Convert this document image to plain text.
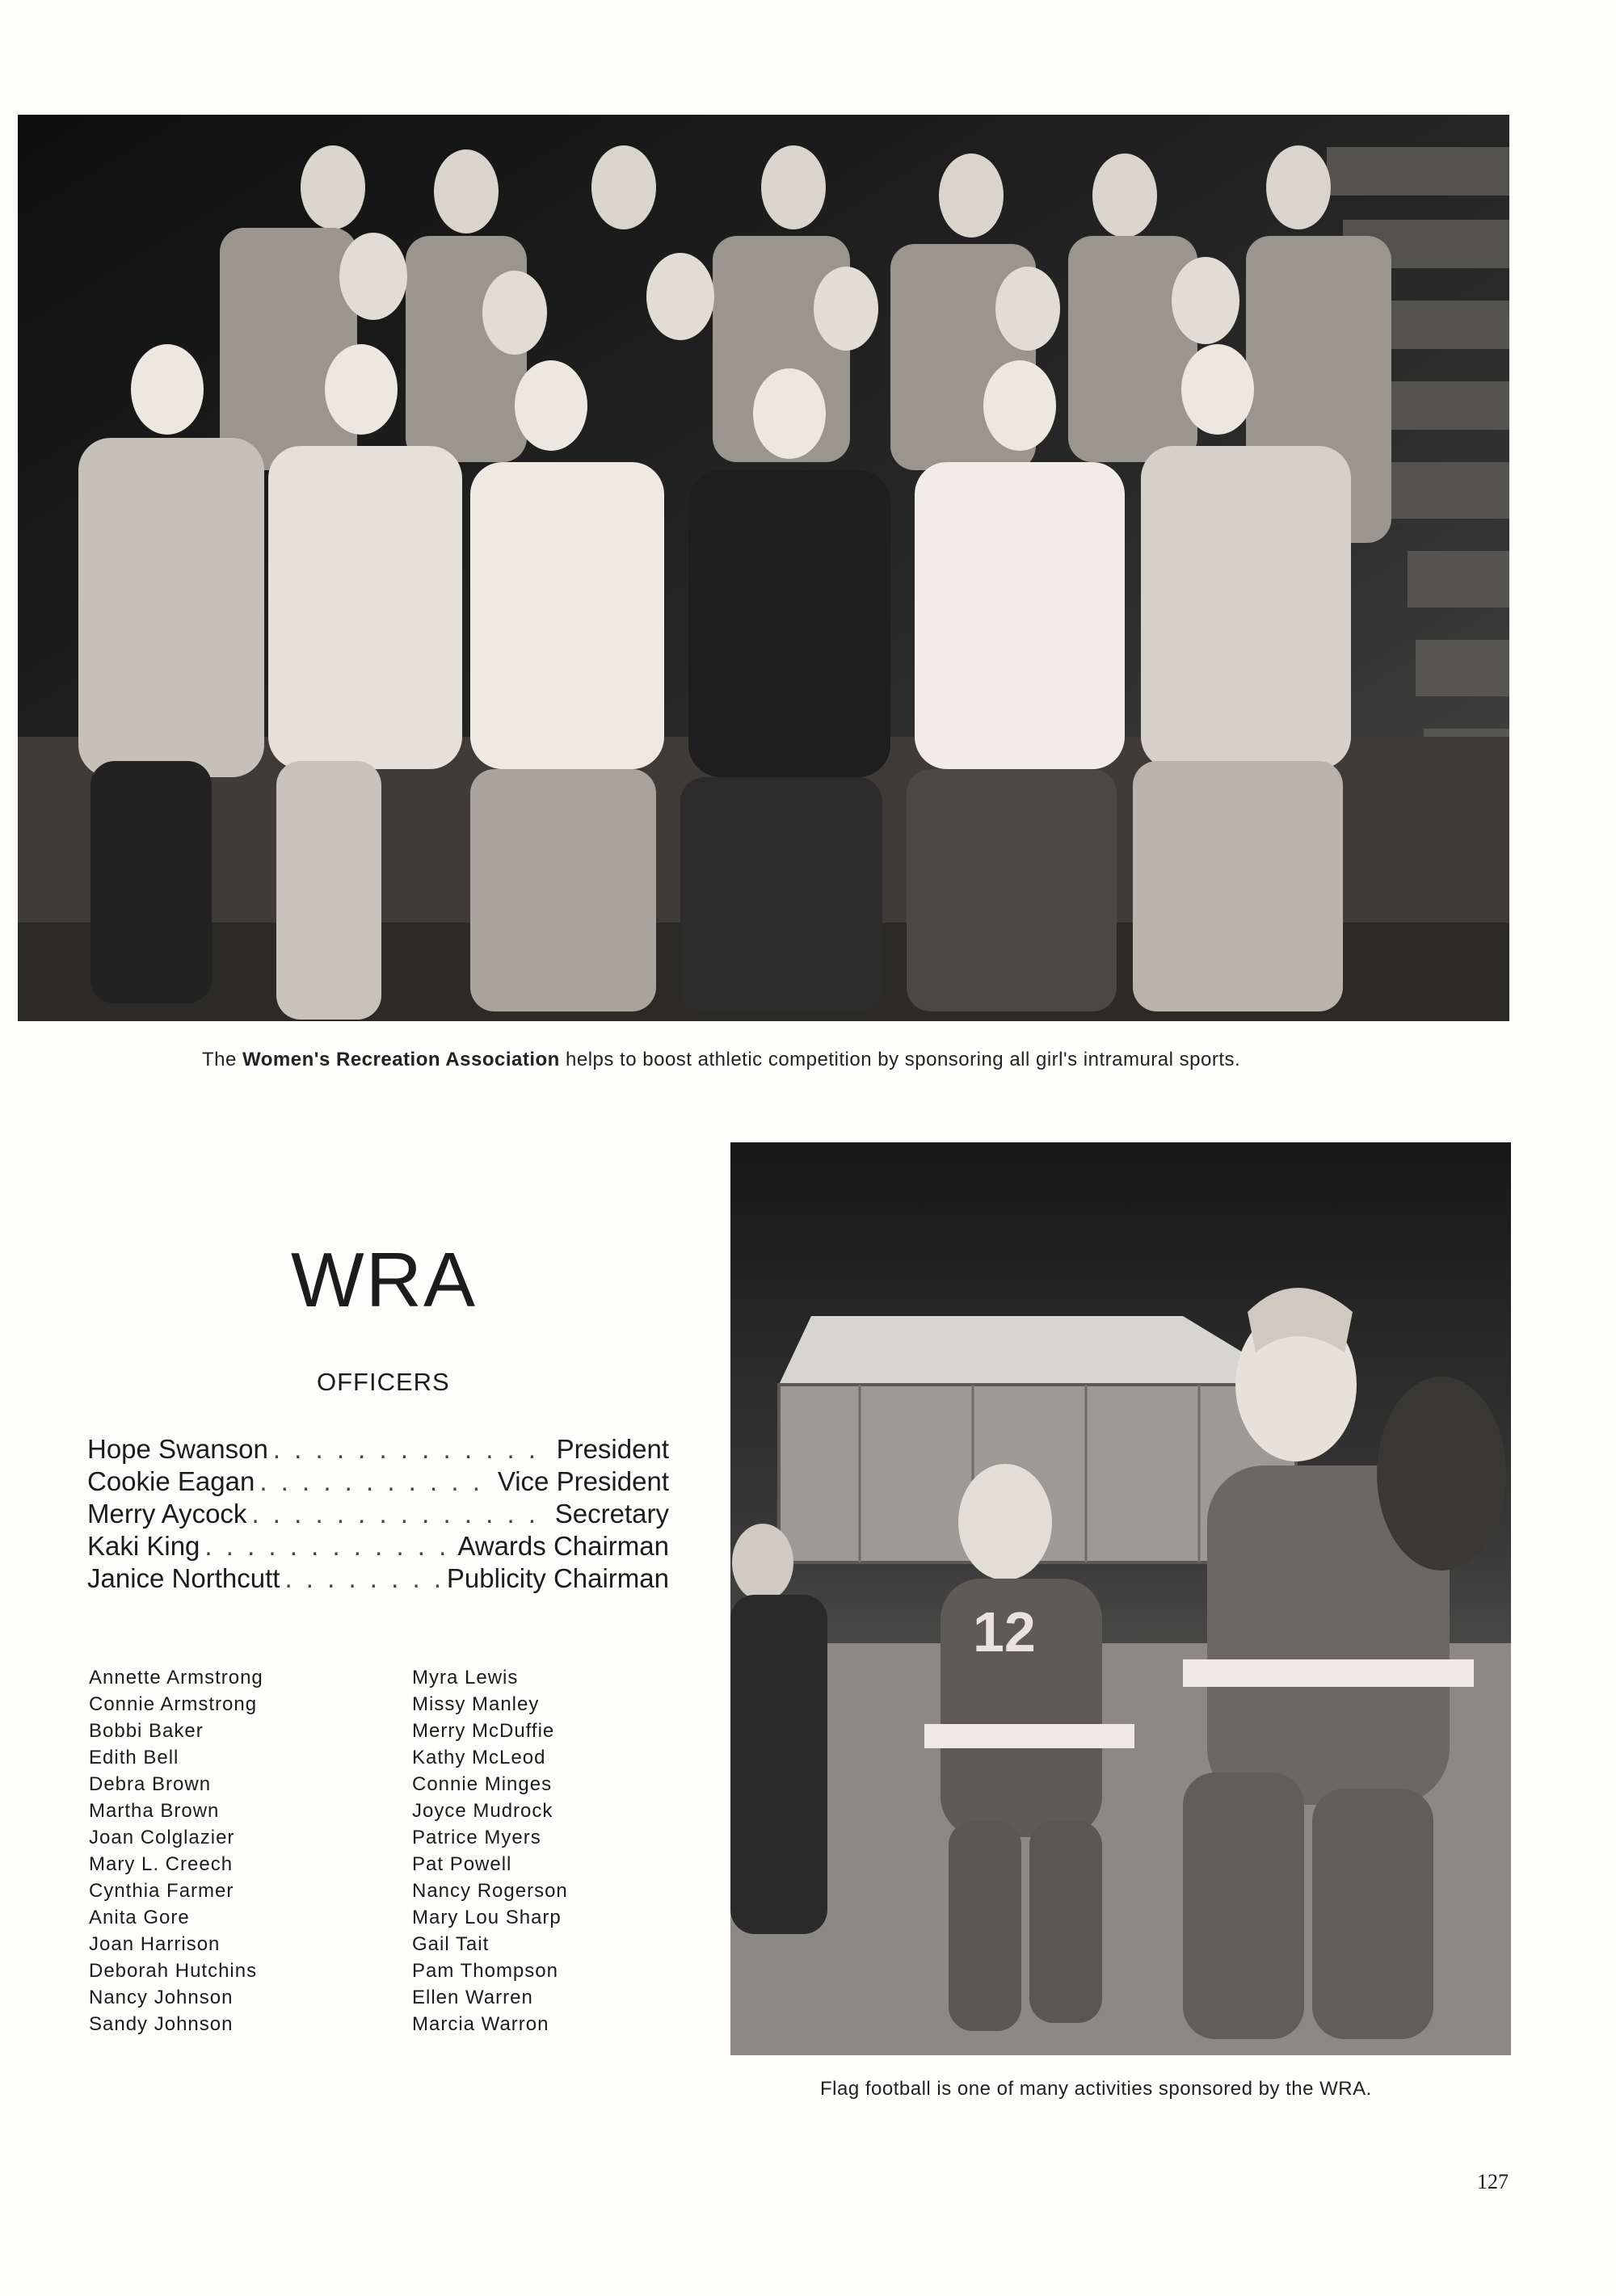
The Women's Recreation Association helps to boost athletic competition by sponsoring all girl's intramural sports.
WRA
OFFICERS
Hope Swanson . . .	President
Cookie Eagan . . .	Vice President
Merry Aycock . . .	Secretary
Kaki King . . .	Awards Chairman
Janice Northcutt . . .	Publicity Chairman
Annette Armstrong
Connie Armstrong
Bobbi Baker
Edith Bell
Debra Brown
Martha Brown
Joan Colglazier
Mary L. Creech
Cynthia Farmer
Anita Gore
Joan Harrison
Deborah Hutchins
Nancy Johnson
Sandy Johnson
Myra Lewis
Missy Manley
Merry McDuffie
Kathy McLeod
Connie Minges
Joyce Mudrock
Patrice Myers
Pat Powell
Nancy Rogerson
Mary Lou Sharp
Gail Tait
Pam Thompson
Ellen Warren
Marcia Warron
12
Flag football is one of many activities sponsored by the WRA.
127
